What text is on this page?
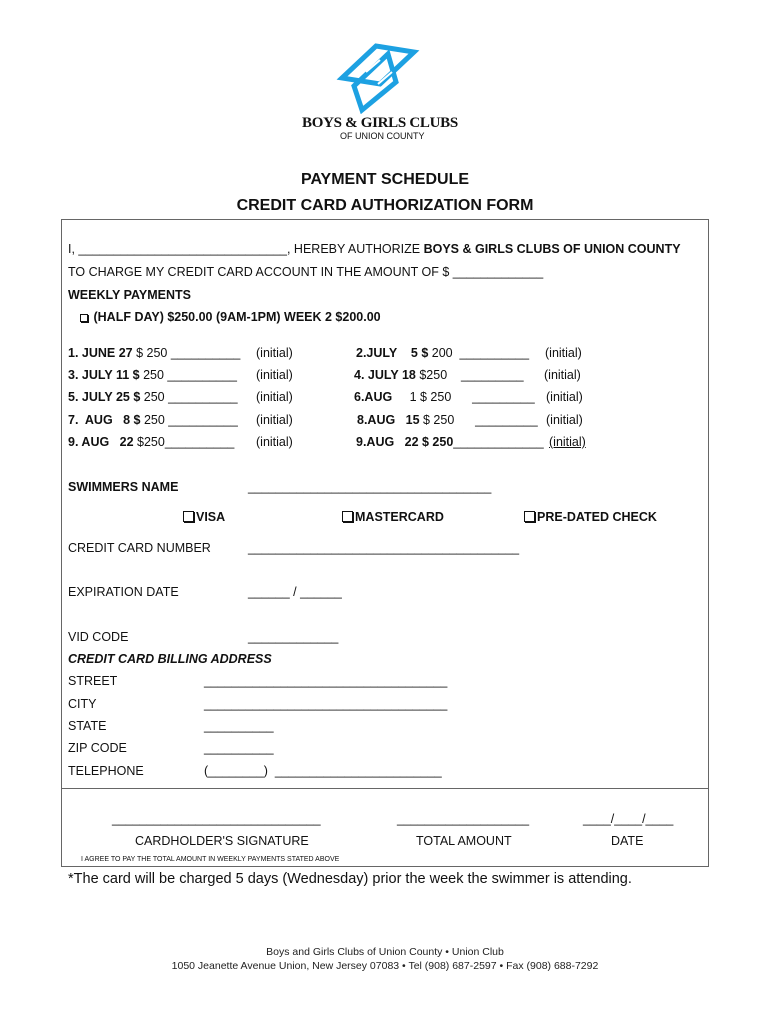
BOYS & GIRLS CLUBS
OF UNION COUNTY
PAYMENT SCHEDULE
CREDIT CARD AUTHORIZATION FORM
I, ______________________________, HEREBY AUTHORIZE BOYS & GIRLS CLUBS OF UNION COUNTY
TO CHARGE MY CREDIT CARD ACCOUNT IN THE AMOUNT OF $ _____________
WEEKLY PAYMENTS
(HALF DAY) $250.00 (9AM-1PM) WEEK 2 $200.00
1. JUNE 27 $ 250 __________ (initial)	2.JULY    5 $ 200  __________ (initial)
3. JULY 11 $ 250 __________ (initial)	4. JULY 18 $250    _________ (initial)
5. JULY 25 $ 250 __________ (initial)	6.AUG     1 $ 250      _________ (initial)
7.  AUG   8 $ 250 __________ (initial)	8.AUG   15 $ 250      _________ (initial)
9. AUG   22 $250__________ (initial)	9.AUG   22 $ 250_____________ (initial)
SWIMMERS NAME	___________________________________
VISA	MASTERCARD	PRE-DATED CHECK
CREDIT CARD NUMBER	_______________________________________
EXPIRATION DATE	______ / ______
VID CODE	_____________
CREDIT CARD BILLING ADDRESS
STREET	___________________________________
CITY	___________________________________
STATE	__________
ZIP CODE	__________
TELEPHONE	(________)  ________________________
______________________________	___________________	____/____/____
CARDHOLDER'S SIGNATURE	TOTAL AMOUNT	DATE
I AGREE TO PAY THE TOTAL AMOUNT IN WEEKLY PAYMENTS STATED ABOVE
*The card will be charged 5 days (Wednesday) prior the week the swimmer is attending.
Boys and Girls Clubs of Union County • Union Club
1050 Jeanette Avenue Union, New Jersey 07083 • Tel (908) 687-2597 • Fax (908) 688-7292
